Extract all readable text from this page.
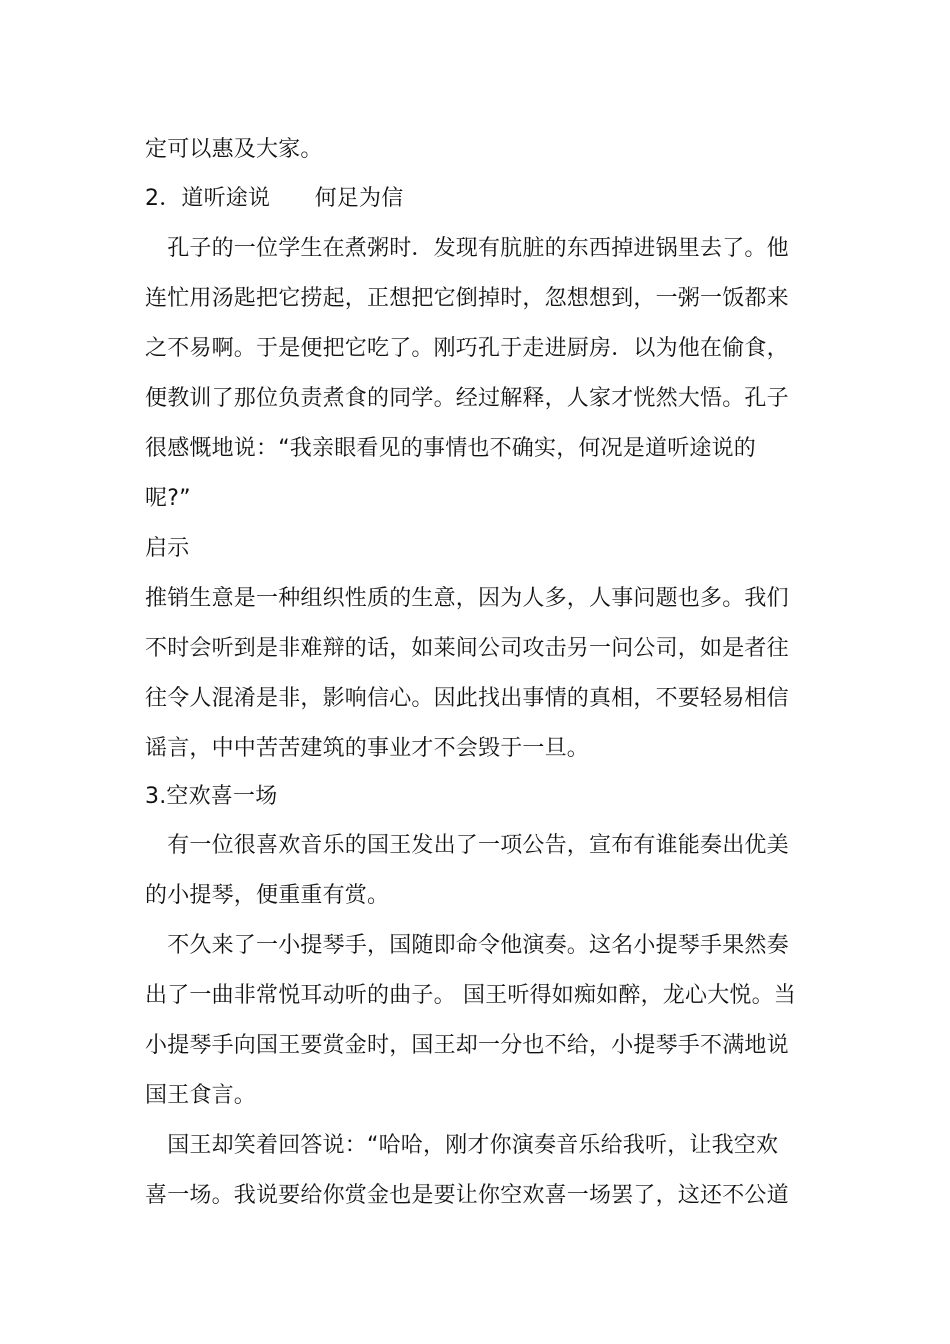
定可以惠及大家。
2．道听途说　　何足为信
　孔子的一位学生在煮粥时．发现有肮脏的东西掉进锅里去了。他
连忙用汤匙把它捞起，正想把它倒掉时，忽想想到，一粥一饭都来
之不易啊。于是便把它吃了。刚巧孔于走进厨房．以为他在偷食，
便教训了那位负责煮食的同学。经过解释，人家才恍然大悟。孔子
很感慨地说：“我亲眼看见的事情也不确实，何况是道听途说的
呢?”
启示
推销生意是一种组织性质的生意，因为人多，人事问题也多。我们
不时会听到是非难辩的话，如莱间公司攻击另一问公司，如是者往
往令人混淆是非，影响信心。因此找出事情的真相，不要轻易相信
谣言，中中苦苦建筑的事业才不会毁于一旦。
3.空欢喜一场
　有一位很喜欢音乐的国王发出了一项公告，宣布有谁能奏出优美
的小提琴，便重重有赏。
　不久来了一小提琴手，国随即命令他演奏。这名小提琴手果然奏
出了一曲非常悦耳动听的曲子。 国王听得如痴如醉，龙心大悦。当
小提琴手向国王要赏金时，国王却一分也不给，小提琴手不满地说
国王食言。
　国王却笑着回答说：“哈哈，刚才你演奏音乐给我听，让我空欢
喜一场。我说要给你赏金也是要让你空欢喜一场罢了，这还不公道
